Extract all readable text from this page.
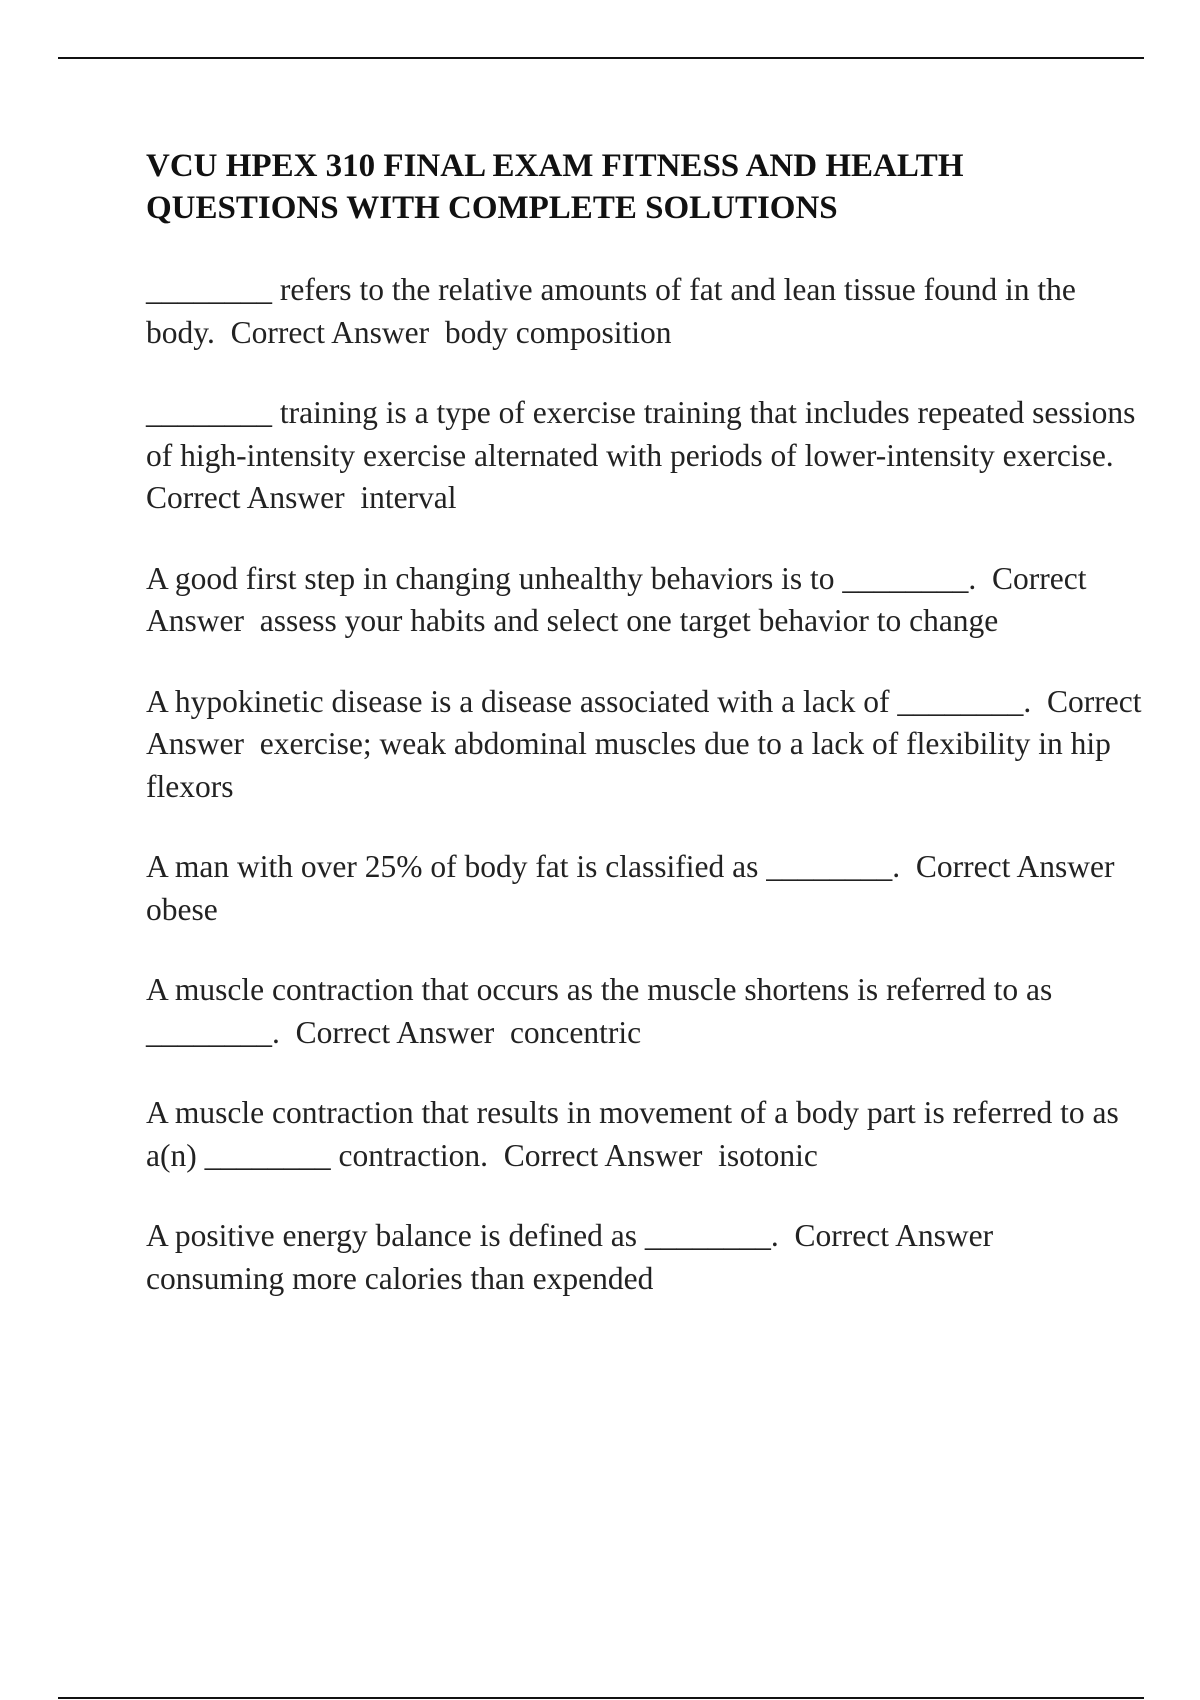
VCU HPEX 310 FINAL EXAM FITNESS AND HEALTH QUESTIONS WITH COMPLETE SOLUTIONS

________ refers to the relative amounts of fat and lean tissue found in the body.  Correct Answer  body composition

________ training is a type of exercise training that includes repeated sessions of high-intensity exercise alternated with periods of lower-intensity exercise.  Correct Answer  interval

A good first step in changing unhealthy behaviors is to ________.  Correct Answer  assess your habits and select one target behavior to change

A hypokinetic disease is a disease associated with a lack of ________.  Correct Answer  exercise; weak abdominal muscles due to a lack of flexibility in hip flexors

A man with over 25% of body fat is classified as ________.  Correct Answer  obese

A muscle contraction that occurs as the muscle shortens is referred to as ________.  Correct Answer  concentric

A muscle contraction that results in movement of a body part is referred to as a(n) ________ contraction.  Correct Answer  isotonic

A positive energy balance is defined as ________.  Correct Answer  consuming more calories than expended
